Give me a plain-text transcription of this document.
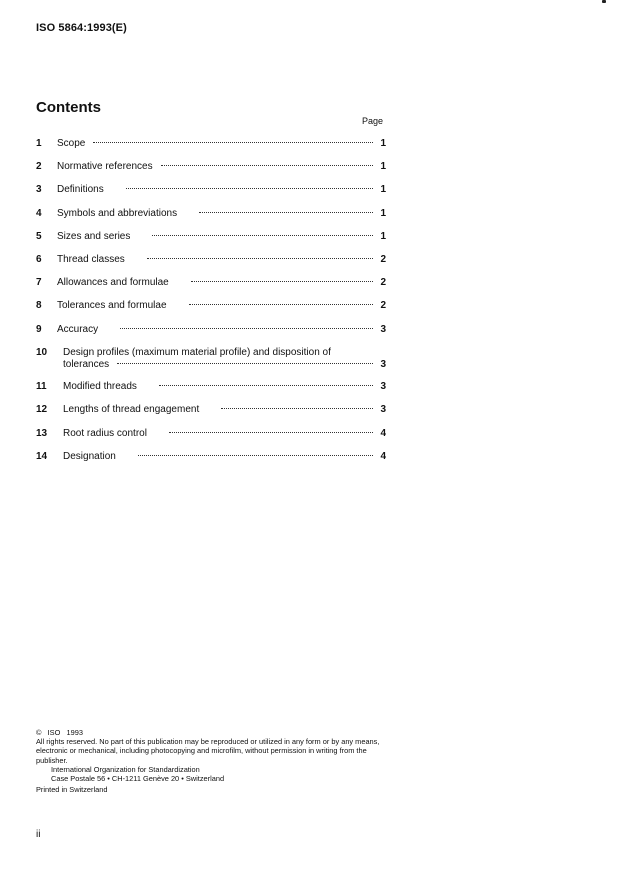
ISO 5864:1993(E)
Contents
Page
1	Scope	1
2	Normative references	1
3	Definitions	1
4	Symbols and abbreviations	1
5	Sizes and series	1
6	Thread classes	2
7	Allowances and formulae	2
8	Tolerances and formulae	2
9	Accuracy	3
10	Design profiles (maximum material profile) and disposition of
tolerances	3
11	Modified threads	3
12	Lengths of thread engagement	3
13	Root radius control	4
14	Designation	4
©   ISO   1993
All rights reserved. No part of this publication may be reproduced or utilized in any form or by any means, electronic or mechanical, including photocopying and microfilm, without permission in writing from the publisher.
International Organization for Standardization
Case Postale 56 • CH-1211 Genève 20 • Switzerland
Printed in Switzerland
ii
